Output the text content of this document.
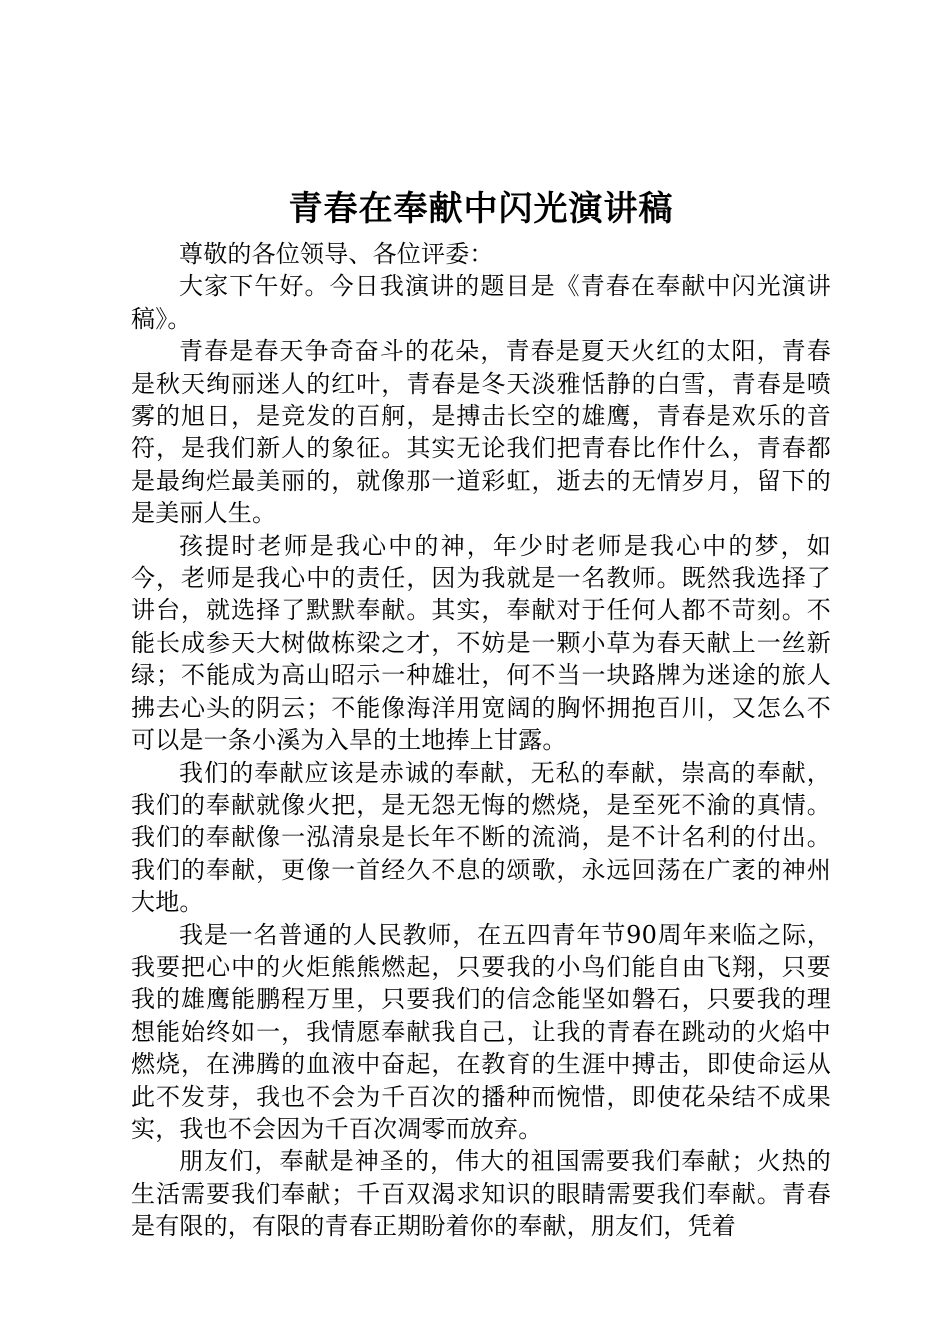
青春在奉献中闪光演讲稿

尊敬的各位领导、各位评委：

大家下午好。今日我演讲的题目是《青春在奉献中闪光演讲稿》。

青春是春天争奇奋斗的花朵，青春是夏天火红的太阳，青春是秋天绚丽迷人的红叶，青春是冬天淡雅恬静的白雪，青春是喷雾的旭日，是竞发的百舸，是搏击长空的雄鹰，青春是欢乐的音符，是我们新人的象征。其实无论我们把青春比作什么，青春都是最绚烂最美丽的，就像那一道彩虹，逝去的无情岁月，留下的是美丽人生。

孩提时老师是我心中的神，年少时老师是我心中的梦，如今，老师是我心中的责任，因为我就是一名教师。既然我选择了讲台，就选择了默默奉献。其实，奉献对于任何人都不苛刻。不能长成参天大树做栋梁之才，不妨是一颗小草为春天献上一丝新绿；不能成为高山昭示一种雄壮，何不当一块路牌为迷途的旅人拂去心头的阴云；不能像海洋用宽阔的胸怀拥抱百川，又怎么不可以是一条小溪为入旱的土地捧上甘露。

我们的奉献应该是赤诚的奉献，无私的奉献，崇高的奉献，我们的奉献就像火把，是无怨无悔的燃烧，是至死不渝的真情。我们的奉献像一泓清泉是长年不断的流淌，是不计名利的付出。我们的奉献，更像一首经久不息的颂歌，永远回荡在广袤的神州大地。

我是一名普通的人民教师，在五四青年节90周年来临之际，我要把心中的火炬熊熊燃起，只要我的小鸟们能自由飞翔，只要我的雄鹰能鹏程万里，只要我们的信念能坚如磐石，只要我的理想能始终如一，我情愿奉献我自己，让我的青春在跳动的火焰中燃烧，在沸腾的血液中奋起，在教育的生涯中搏击，即使命运从此不发芽，我也不会为千百次的播种而惋惜，即使花朵结不成果实，我也不会因为千百次凋零而放弃。

朋友们，奉献是神圣的，伟大的祖国需要我们奉献；火热的生活需要我们奉献；千百双渴求知识的眼睛需要我们奉献。青春是有限的，有限的青春正期盼着你的奉献，朋友们，凭着
